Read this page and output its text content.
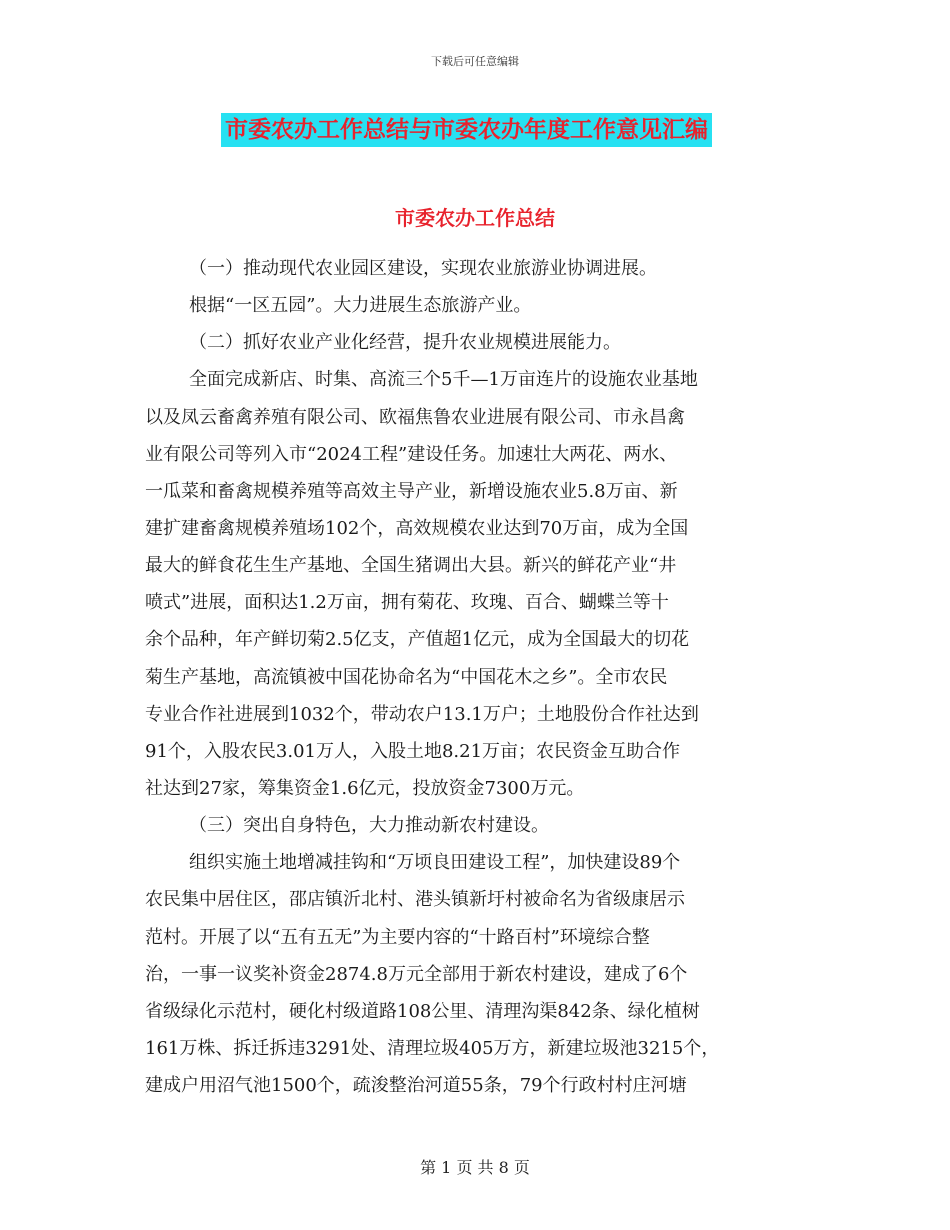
下载后可任意编辑
市委农办工作总结与市委农办年度工作意见汇编
市委农办工作总结
（一）推动现代农业园区建设，实现农业旅游业协调进展。
根据“一区五园”。大力进展生态旅游产业。
（二）抓好农业产业化经营，提升农业规模进展能力。
全面完成新店、时集、高流三个5千—1万亩连片的设施农业基地
以及凤云畜禽养殖有限公司、欧福焦鲁农业进展有限公司、市永昌禽
业有限公司等列入市“2024工程”建设任务。加速壮大两花、两水、
一瓜菜和畜禽规模养殖等高效主导产业，新增设施农业5.8万亩、新
建扩建畜禽规模养殖场102个，高效规模农业达到70万亩，成为全国
最大的鲜食花生生产基地、全国生猪调出大县。新兴的鲜花产业“井
喷式”进展，面积达1.2万亩，拥有菊花、玫瑰、百合、蝴蝶兰等十
余个品种，年产鲜切菊2.5亿支，产值超1亿元，成为全国最大的切花
菊生产基地，高流镇被中国花协命名为“中国花木之乡”。全市农民
专业合作社进展到1032个，带动农户13.1万户；土地股份合作社达到
91个，入股农民3.01万人，入股土地8.21万亩；农民资金互助合作
社达到27家，筹集资金1.6亿元，投放资金7300万元。
（三）突出自身特色，大力推动新农村建设。
组织实施土地增减挂钩和“万顷良田建设工程”，加快建设89个
农民集中居住区，邵店镇沂北村、港头镇新圩村被命名为省级康居示
范村。开展了以“五有五无”为主要内容的“十路百村”环境综合整
治，一事一议奖补资金2874.8万元全部用于新农村建设，建成了6个
省级绿化示范村，硬化村级道路108公里、清理沟渠842条、绿化植树
161万株、拆迁拆违3291处、清理垃圾405万方，新建垃圾池3215个，
建成户用沼气池1500个，疏浚整治河道55条，79个行政村村庄河塘
第 1 页 共 8 页
